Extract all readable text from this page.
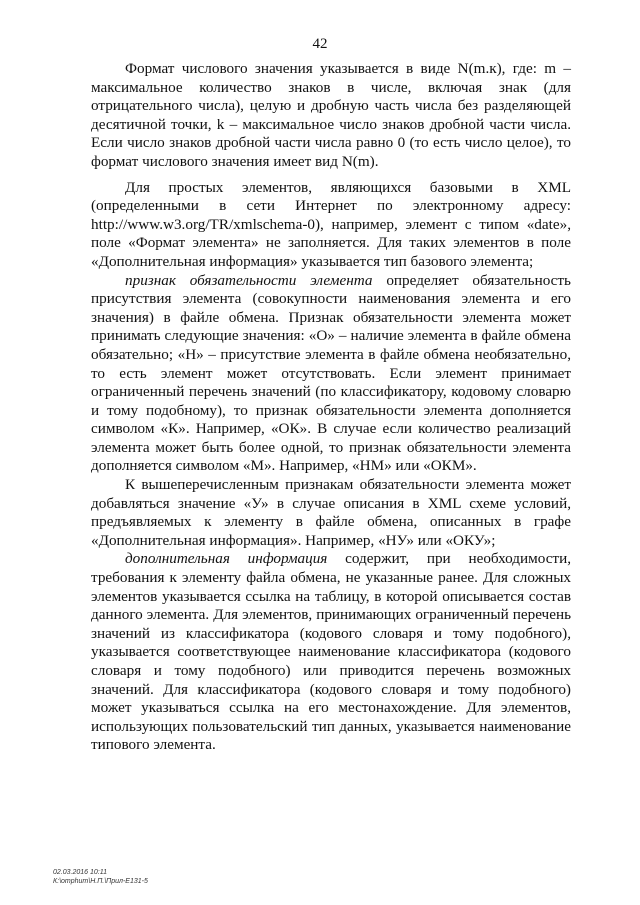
42

Формат числового значения указывается в виде N(m.к), где: m – максимальное количество знаков в числе, включая знак (для отрицательного числа), целую и дробную часть числа без разделяющей десятичной точки, k – максимальное число знаков дробной части числа. Если число знаков дробной части числа равно 0 (то есть число целое), то формат числового значения имеет вид N(m).

Для простых элементов, являющихся базовыми в XML (определенными в сети Интернет по электронному адресу: http://www.w3.org/TR/xmlschema-0), например, элемент с типом «date», поле «Формат элемента» не заполняется. Для таких элементов в поле «Дополнительная информация» указывается тип базового элемента;

признак обязательности элемента определяет обязательность присутствия элемента (совокупности наименования элемента и его значения) в файле обмена. Признак обязательности элемента может принимать следующие значения: «О» – наличие элемента в файле обмена обязательно; «Н» – присутствие элемента в файле обмена необязательно, то есть элемент может отсутствовать. Если элемент принимает ограниченный перечень значений (по классификатору, кодовому словарю и тому подобному), то признак обязательности элемента дополняется символом «К». Например, «ОК». В случае если количество реализаций элемента может быть более одной, то признак обязательности элемента дополняется символом «М». Например, «НМ» или «ОКМ».

К вышеперечисленным признакам обязательности элемента может добавляться значение «У» в случае описания в XML схеме условий, предъявляемых к элементу в файле обмена, описанных в графе «Дополнительная информация». Например, «НУ» или «ОКУ»;

дополнительная информация содержит, при необходимости, требования к элементу файла обмена, не указанные ранее. Для сложных элементов указывается ссылка на таблицу, в которой описывается состав данного элемента. Для элементов, принимающих ограниченный перечень значений из классификатора (кодового словаря и тому подобного), указывается соответствующее наименование классификатора (кодового словаря и тому подобного) или приводится перечень возможных значений. Для классификатора (кодового словаря и тому подобного) может указываться ссылка на его местонахождение. Для элементов, использующих пользовательский тип данных, указывается наименование типового элемента.

02.03.2016 10:11
К:\omphum\Н.П.\Прил-Е131-5
